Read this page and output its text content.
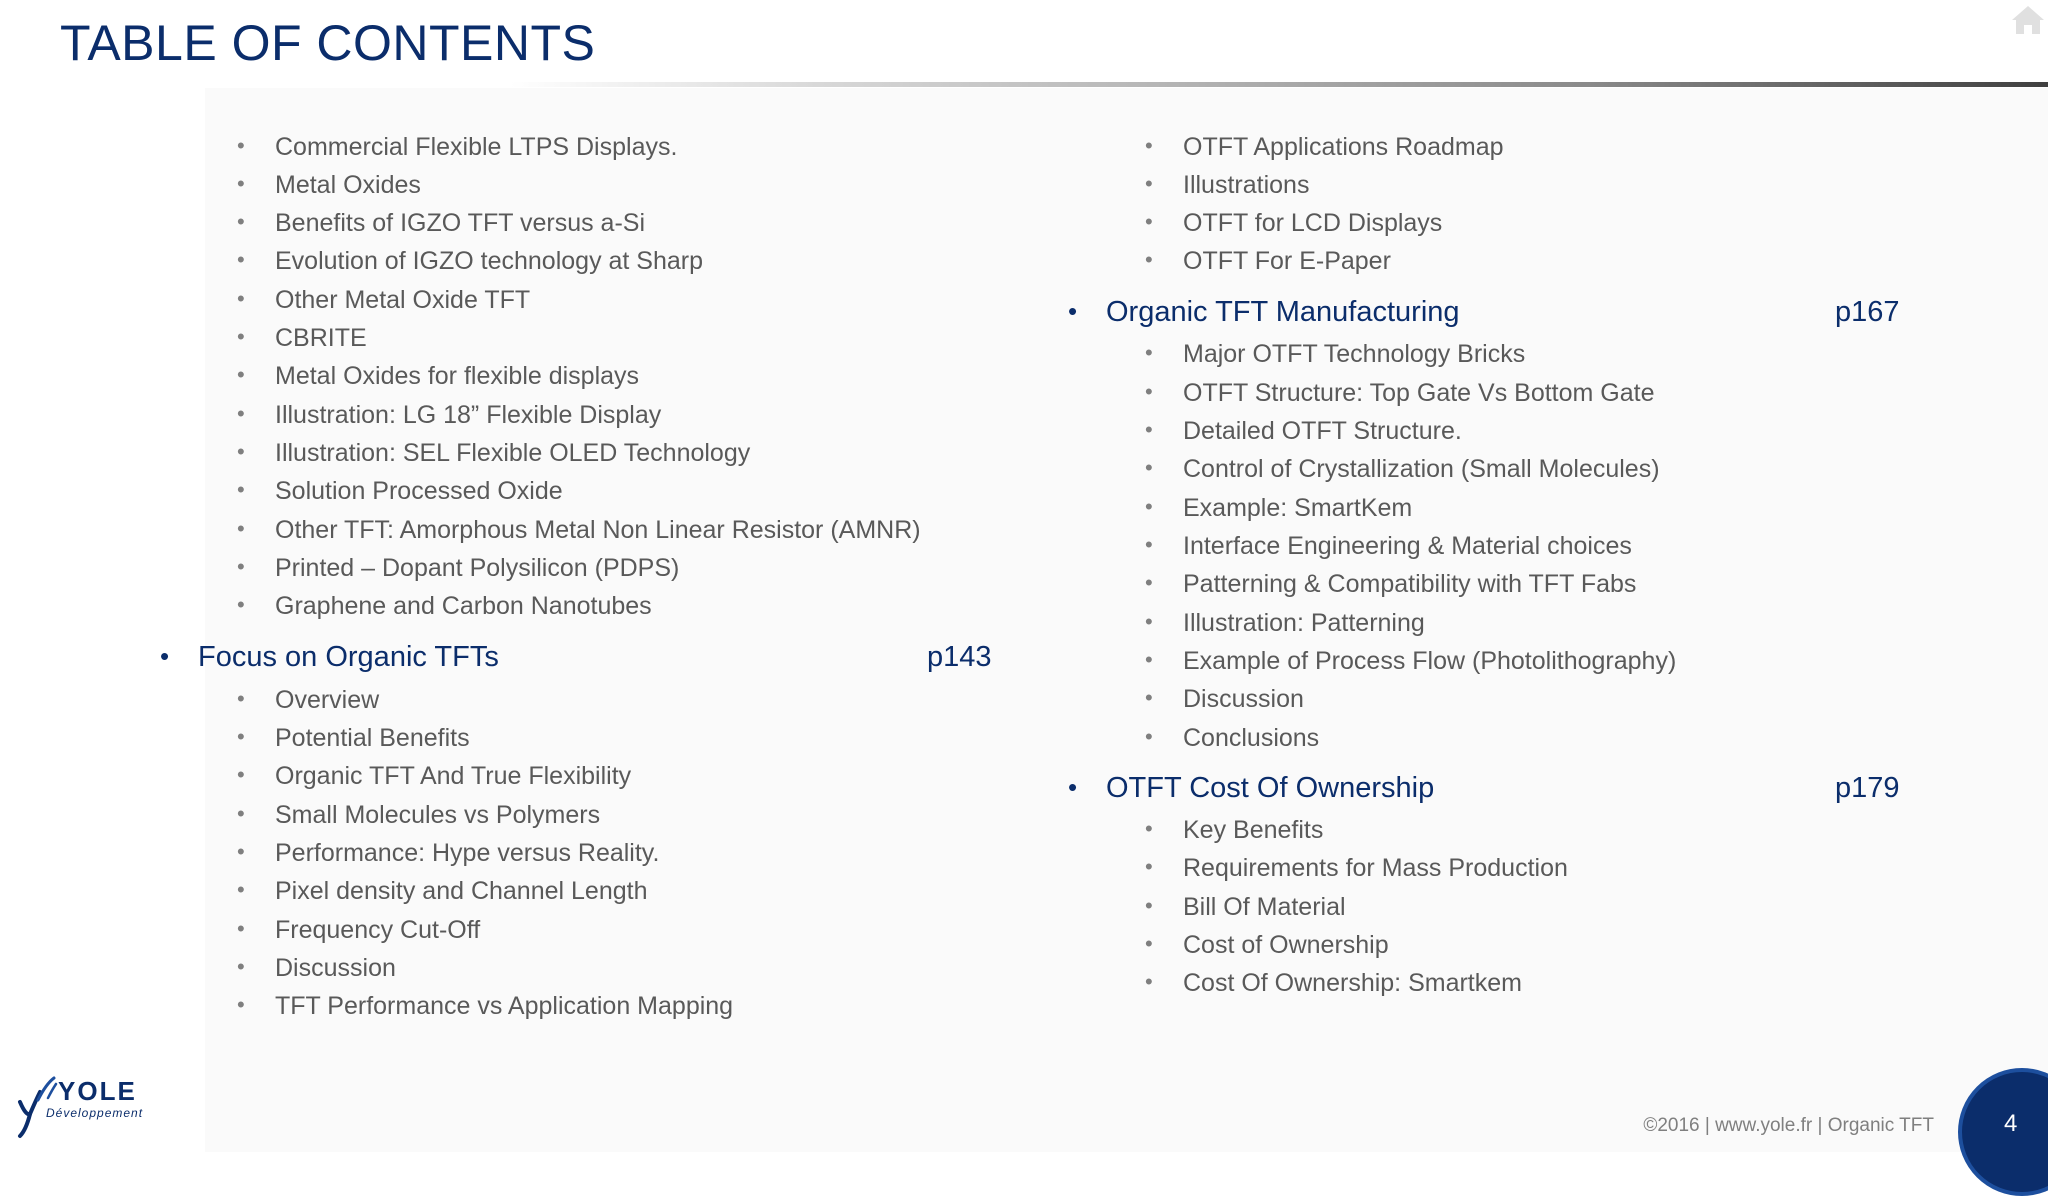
TABLE OF CONTENTS
• Commercial Flexible LTPS Displays.
• Metal Oxides
• Benefits of IGZO TFT versus a-Si
• Evolution of IGZO technology at Sharp
• Other Metal Oxide TFT
• CBRITE
• Metal Oxides for flexible displays
• Illustration: LG 18” Flexible Display
• Illustration: SEL Flexible OLED Technology
• Solution Processed Oxide
• Other TFT: Amorphous Metal Non Linear Resistor (AMNR)
• Printed – Dopant Polysilicon (PDPS)
• Graphene and Carbon Nanotubes
• Focus on Organic TFTs	p143
• Overview
• Potential Benefits
• Organic TFT And True Flexibility
• Small Molecules vs Polymers
• Performance: Hype versus Reality.
• Pixel density and Channel Length
• Frequency Cut-Off
• Discussion
• TFT Performance vs Application Mapping
• OTFT Applications Roadmap
• Illustrations
• OTFT for LCD Displays
• OTFT For E-Paper
• Organic TFT Manufacturing	p167
• Major OTFT Technology Bricks
• OTFT Structure: Top Gate Vs Bottom Gate
• Detailed OTFT Structure.
• Control of Crystallization (Small Molecules)
• Example: SmartKem
• Interface Engineering & Material choices
• Patterning & Compatibility with TFT Fabs
• Illustration: Patterning
• Example of Process Flow (Photolithography)
• Discussion
• Conclusions
• OTFT Cost Of Ownership	p179
• Key Benefits
• Requirements for Mass Production
• Bill Of Material
• Cost of Ownership
• Cost Of Ownership: Smartkem
YOLE
Développement
©2016 | www.yole.fr | Organic TFT	4
